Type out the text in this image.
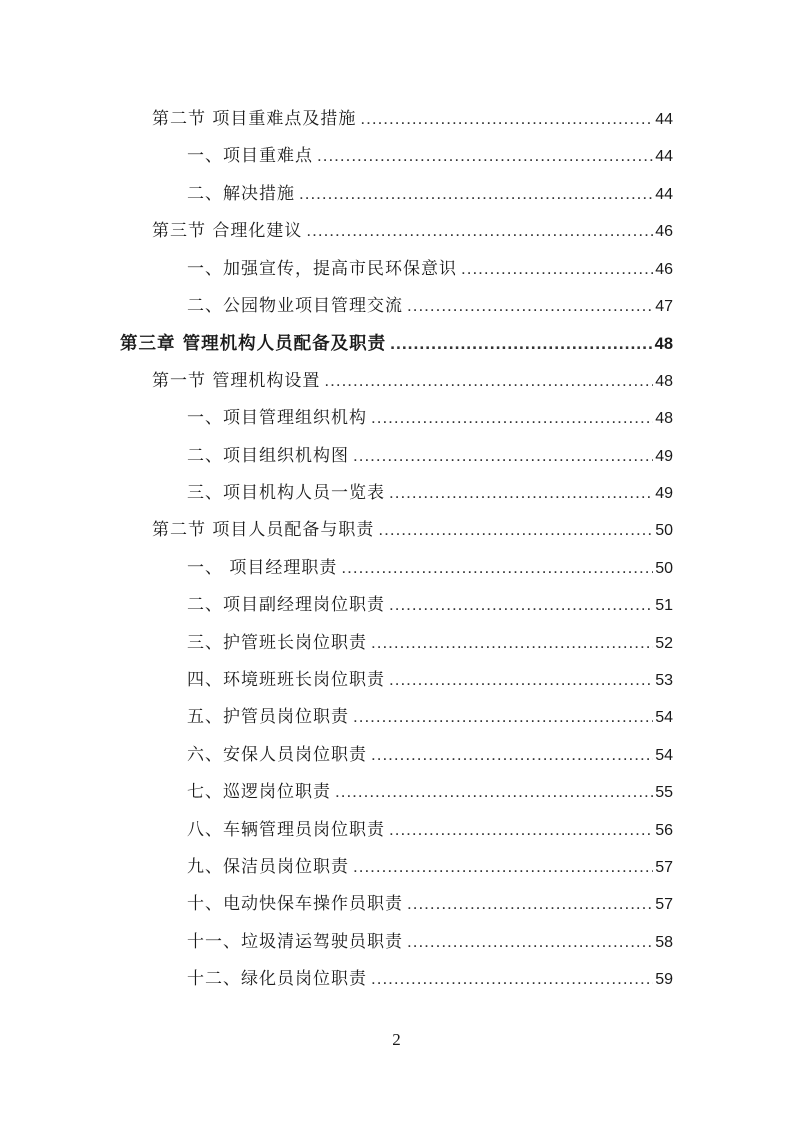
第二节 项目重难点及措施 .....	44
一、项目重难点 .....	44
二、解决措施 .....	44
第三节 合理化建议 .....	46
一、加强宣传，提高市民环保意识 .....	46
二、公园物业项目管理交流 .....	47
第三章 管理机构人员配备及职责 .....	48
第一节 管理机构设置 .....	48
一、项目管理组织机构 .....	48
二、项目组织机构图 .....	49
三、项目机构人员一览表 .....	49
第二节 项目人员配备与职责 .....	50
一、 项目经理职责 .....	50
二、项目副经理岗位职责 .....	51
三、护管班长岗位职责 .....	52
四、环境班班长岗位职责 .....	53
五、护管员岗位职责 .....	54
六、安保人员岗位职责 .....	54
七、巡逻岗位职责 .....	55
八、车辆管理员岗位职责 .....	56
九、保洁员岗位职责 .....	57
十、电动快保车操作员职责 .....	57
十一、垃圾清运驾驶员职责 .....	58
十二、绿化员岗位职责 .....	59
2
